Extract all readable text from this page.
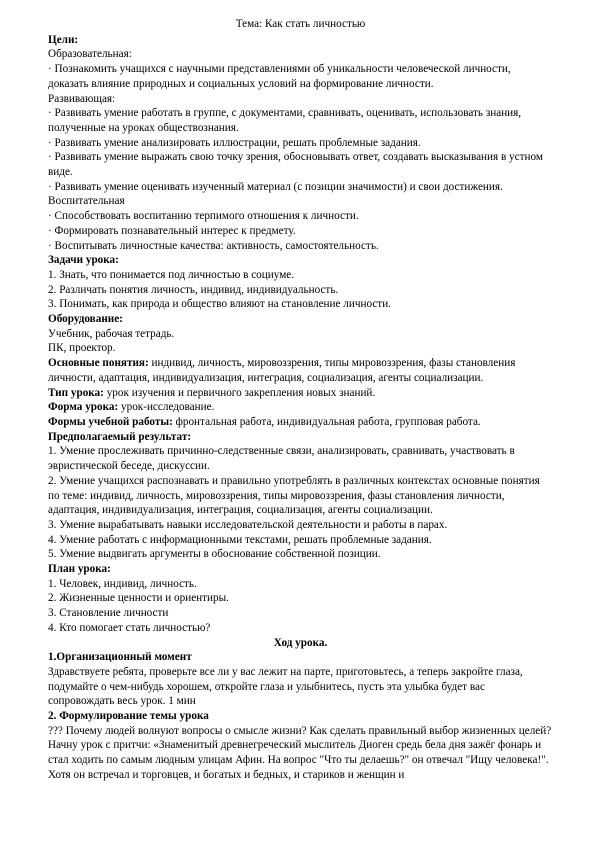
Тема: Как стать личностью
Цели:
Образовательная:
· Познакомить учащихся с научными представлениями об уникальности человеческой личности, доказать влияние природных и социальных условий на формирование личности.
Развивающая:
· Развивать умение работать в группе, с документами, сравнивать, оценивать, использовать знания, полученные на уроках обществознания.
· Развивать умение анализировать иллюстрации, решать проблемные задания.
· Развивать умение выражать свою точку зрения, обосновывать ответ, создавать высказывания в устном виде.
· Развивать умение оценивать изученный материал (с позиции значимости) и свои достижения.
Воспитательная
· Способствовать воспитанию терпимого отношения к личности.
· Формировать познавательный интерес к предмету.
· Воспитывать личностные качества: активность, самостоятельность.
Задачи урока:
1. Знать, что понимается под личностью в социуме.
2. Различать понятия личность, индивид, индивидуальность.
3. Понимать, как природа и общество влияют на становление личности.
Оборудование:
Учебник, рабочая тетрадь.
ПК, проектор.
Основные понятия: индивид, личность, мировоззрения, типы мировоззрения, фазы становления личности, адаптация, индивидуализация, интеграция, социализация, агенты социализации.
Тип урока: урок изучения и первичного закрепления новых знаний.
Форма урока: урок-исследование.
Формы учебной работы: фронтальная работа, индивидуальная работа, групповая работа.
Предполагаемый результат:
1. Умение прослеживать причинно-следственные связи, анализировать, сравнивать, участвовать в эвристической беседе, дискуссии.
2. Умение учащихся распознавать и правильно употреблять в различных контекстах основные понятия по теме: индивид, личность, мировоззрения, типы мировоззрения, фазы становления личности, адаптация, индивидуализация, интеграция, социализация, агенты социализации.
3. Умение вырабатывать навыки исследовательской деятельности и работы в парах.
4. Умение работать с информационными текстами, решать проблемные задания.
5. Умение выдвигать аргументы в обоснование собственной позиции.
План урока:
1. Человек, индивид, личность.
2. Жизненные ценности и ориентиры.
3. Становление личности
4. Кто помогает стать личностью?
Ход урока.
1.Организационный момент
Здравствуете ребята, проверьте все ли у вас лежит на парте, приготовьтесь, а теперь закройте глаза, подумайте о чем-нибудь хорошем, откройте глаза и улыбнитесь, пусть эта улыбка будет вас сопровождать весь урок. 1 мин
2. Формулирование темы урока
??? Почему людей волнуют вопросы о смысле жизни? Как сделать правильный выбор жизненных целей?
Начну урок с притчи: «Знаменитый древнегреческий мыслитель Диоген средь бела дня зажёг фонарь и стал ходить по самым людным улицам Афин. На вопрос "Что ты делаешь?" он отвечал "Ищу человека!". Хотя он встречал и торговцев, и богатых и бедных, и стариков и женщин и
